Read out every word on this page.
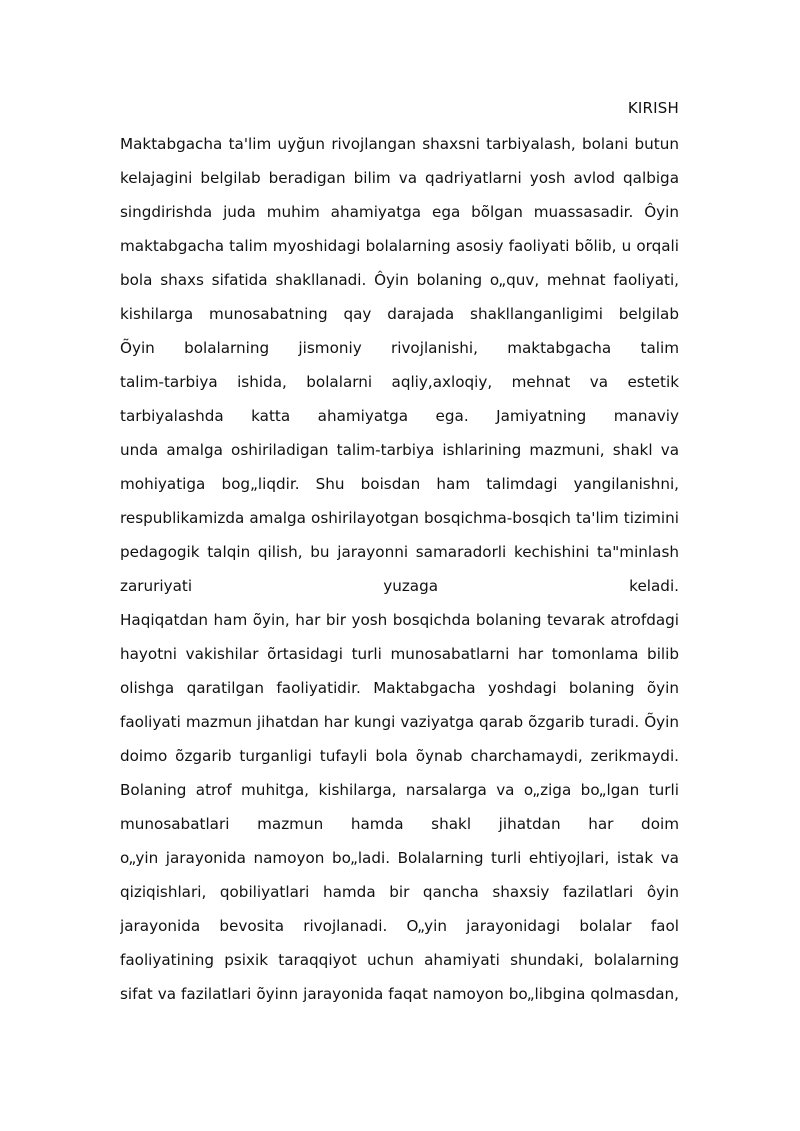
KIRISH
Maktabgacha ta'lim uyğun rivojlangan shaxsni tarbiyalash, bolani butun
kelajagini belgilab beradigan bilim va qadriyatlarni yosh avlod qalbiga
singdirishda juda muhim ahamiyatga ega bõlgan muassasadir. Ôyin
maktabgacha talim myoshidagi bolalarning asosiy faoliyati bõlib, u orqali
bola shaxs sifatida shakllanadi. Ôyin bolaning o„quv, mehnat faoliyati,
kishilarga munosabatning qay darajada shakllanganligimi belgilab
Õyin bolalarning jismoniy rivojlanishi, maktabgacha talim
talim-tarbiya ishida, bolalarni aqliy,axloqiy, mehnat va estetik
tarbiyalashda katta ahamiyatga ega. Jamiyatning manaviy
unda amalga oshiriladigan talim-tarbiya ishlarining mazmuni, shakl va
mohiyatiga bog„liqdir. Shu boisdan ham talimdagi yangilanishni,
respublikamizda amalga oshirilayotgan bosqichma-bosqich ta'lim tizimini
pedagogik talqin qilish, bu jarayonni samaradorli kechishini ta"minlash
zaruriyati yuzaga keladi.
Haqiqatdan ham õyin, har bir yosh bosqichda bolaning tevarak atrofdagi
hayotni vakishilar õrtasidagi turli munosabatlarni har tomonlama bilib
olishga qaratilgan faoliyatidir. Maktabgacha yoshdagi bolaning õyin
faoliyati mazmun jihatdan har kungi vaziyatga qarab õzgarib turadi. Õyin
doimo õzgarib turganligi tufayli bola õynab charchamaydi, zerikmaydi.
Bolaning atrof muhitga, kishilarga, narsalarga va o„ziga bo„lgan turli
munosabatlari mazmun hamda shakl jihatdan har doim
o„yin jarayonida namoyon bo„ladi. Bolalarning turli ehtiyojlari, istak va
qiziqishlari, qobiliyatlari hamda bir qancha shaxsiy fazilatlari ôyin
jarayonida bevosita rivojlanadi. O„yin jarayonidagi bolalar faol
faoliyatining psixik taraqqiyot uchun ahamiyati shundaki, bolalarning
sifat va fazilatlari õyinn jarayonida faqat namoyon bo„libgina qolmasdan,
